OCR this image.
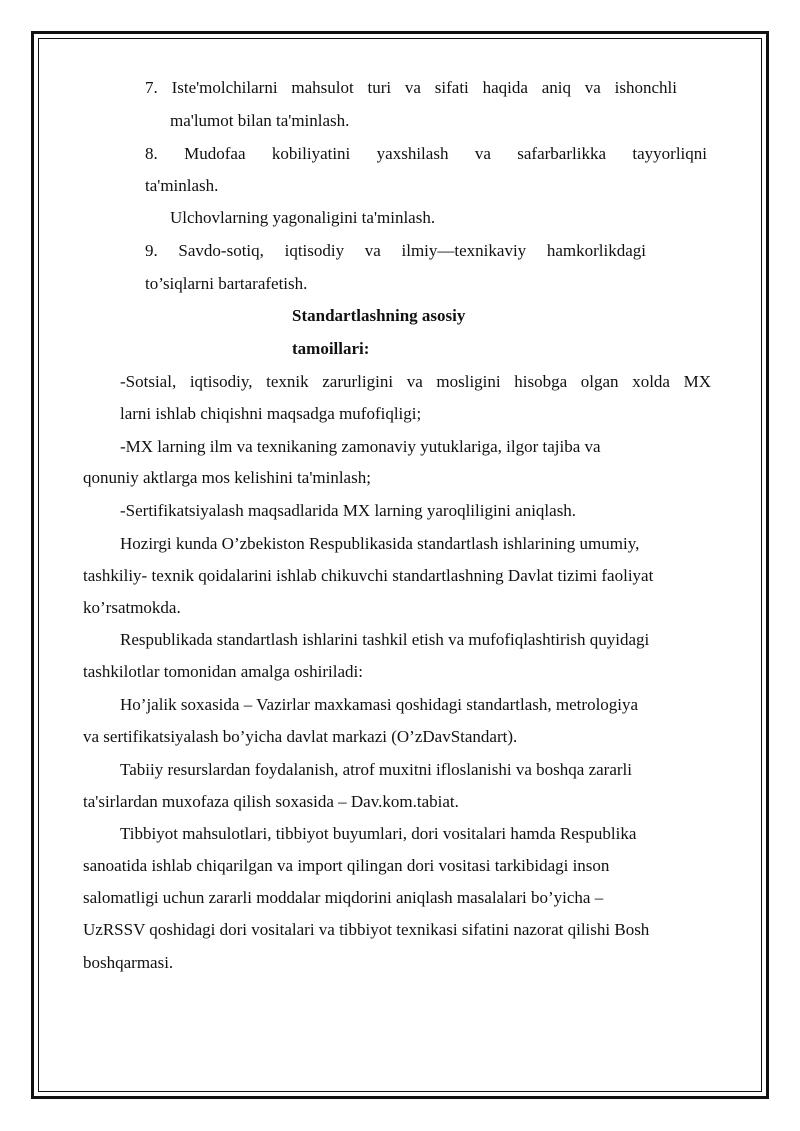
7. Iste'molchilarni mahsulot turi va sifati haqida aniq va ishonchli
ma'lumot bilan ta'minlash.
8. Mudofaa kobiliyatini yaxshilash va safarbarlikka tayyorliqni
ta'minlash.
Ulchovlarning yagonaligini ta'minlash.
9. Savdo-sotiq, iqtisodiy va ilmiy—texnikaviy hamkorlikdagi
to’siqlarni bartarafetish.
Standartlashning asosiy
tamoillari:
-Sotsial, iqtisodiy, texnik zarurligini va mosligini hisobga olgan xolda MX
larni ishlab chiqishni maqsadga mufofiqligi;
-MX larning ilm va texnikaning zamonaviy yutuklariga, ilgor tajiba va
qonuniy aktlarga mos kelishini ta'minlash;
-Sertifikatsiyalash maqsadlarida MX larning yaroqliligini aniqlash.
Hozirgi kunda O’zbekiston Respublikasida standartlash ishlarining umumiy,
tashkiliy- texnik qoidalarini ishlab chikuvchi standartlashning Davlat tizimi faoliyat
ko’rsatmokda.
Respublikada standartlash ishlarini tashkil etish va mufofiqlashtirish quyidagi
tashkilotlar tomonidan amalga oshiriladi:
Ho’jalik soxasida – Vazirlar maxkamasi qoshidagi standartlash, metrologiya
va sertifikatsiyalash bo’yicha davlat markazi (O’zDavStandart).
Tabiiy resurslardan foydalanish, atrof muxitni ifloslanishi va boshqa zararli
ta'sirlardan muxofaza qilish soxasida – Dav.kom.tabiat.
Tibbiyot mahsulotlari, tibbiyot buyumlari, dori vositalari hamda Respublika
sanoatida ishlab chiqarilgan va import qilingan dori vositasi tarkibidagi inson
salomatligi uchun zararli moddalar miqdorini aniqlash masalalari bo’yicha –
UzRSSV qoshidagi dori vositalari va tibbiyot texnikasi sifatini nazorat qilishi Bosh
boshqarmasi.
